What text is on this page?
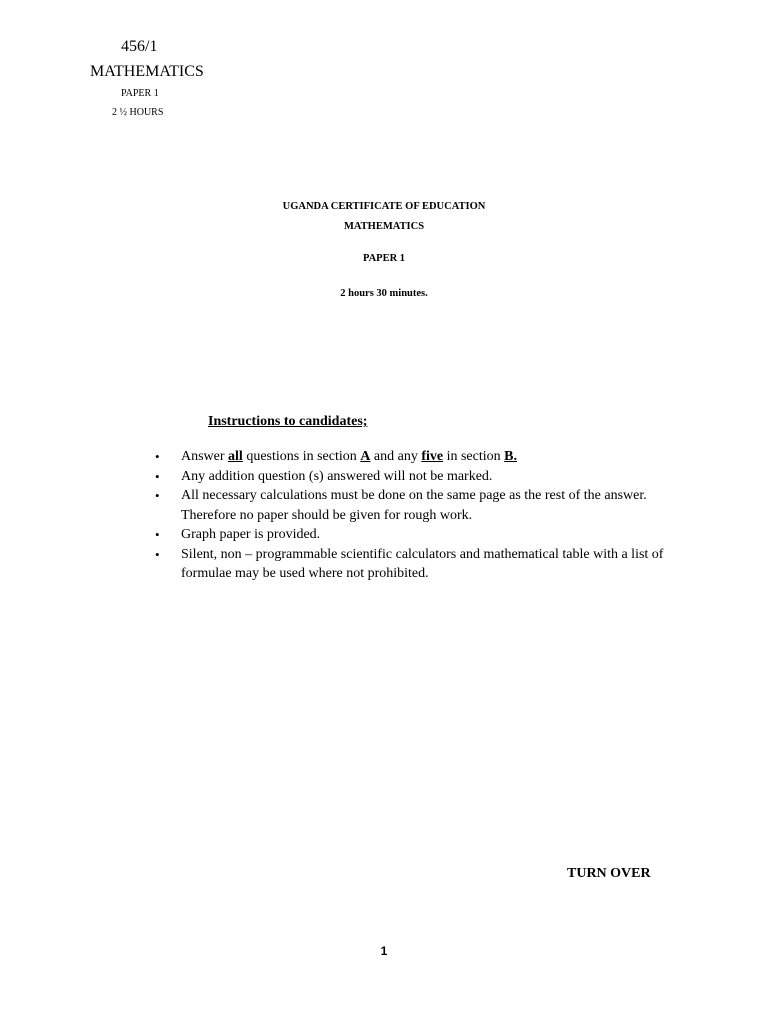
456/1
MATHEMATICS
PAPER 1
2 ½ HOURS
UGANDA CERTIFICATE OF EDUCATION
MATHEMATICS
PAPER 1
2 hours 30 minutes.
Instructions to candidates;
• Answer all questions in section A and any five in section B.
• Any addition question (s) answered will not be marked.
• All necessary calculations must be done on the same page as the rest of the answer. Therefore no paper should be given for rough work.
• Graph paper is provided.
• Silent, non – programmable scientific calculators and mathematical table with a list of formulae may be used where not prohibited.
TURN OVER
1
